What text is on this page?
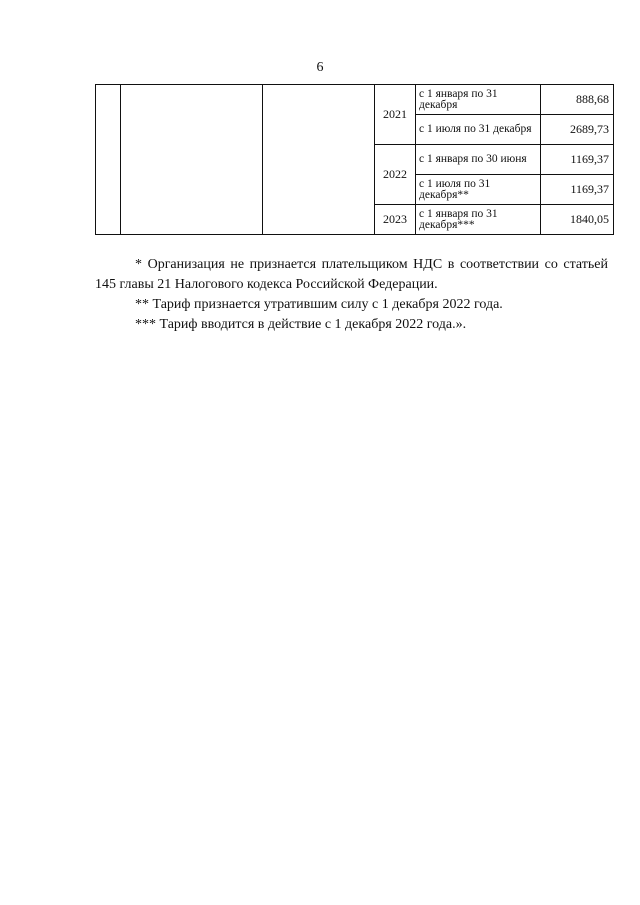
6
			2021	с 1 января по 31 декабря	888,68
				с 1 июля по 31 декабря	2689,73
			2022	с 1 января по 30 июня	1169,37
				с 1 июля по 31 декабря**	1169,37
			2023	с 1 января по 31 декабря***	1840,05

* Организация не признается плательщиком НДС в соответствии со статьей 145 главы 21 Налогового кодекса Российской Федерации.

** Тариф признается утратившим силу с 1 декабря 2022 года.

*** Тариф вводится в действие с 1 декабря 2022 года.».
